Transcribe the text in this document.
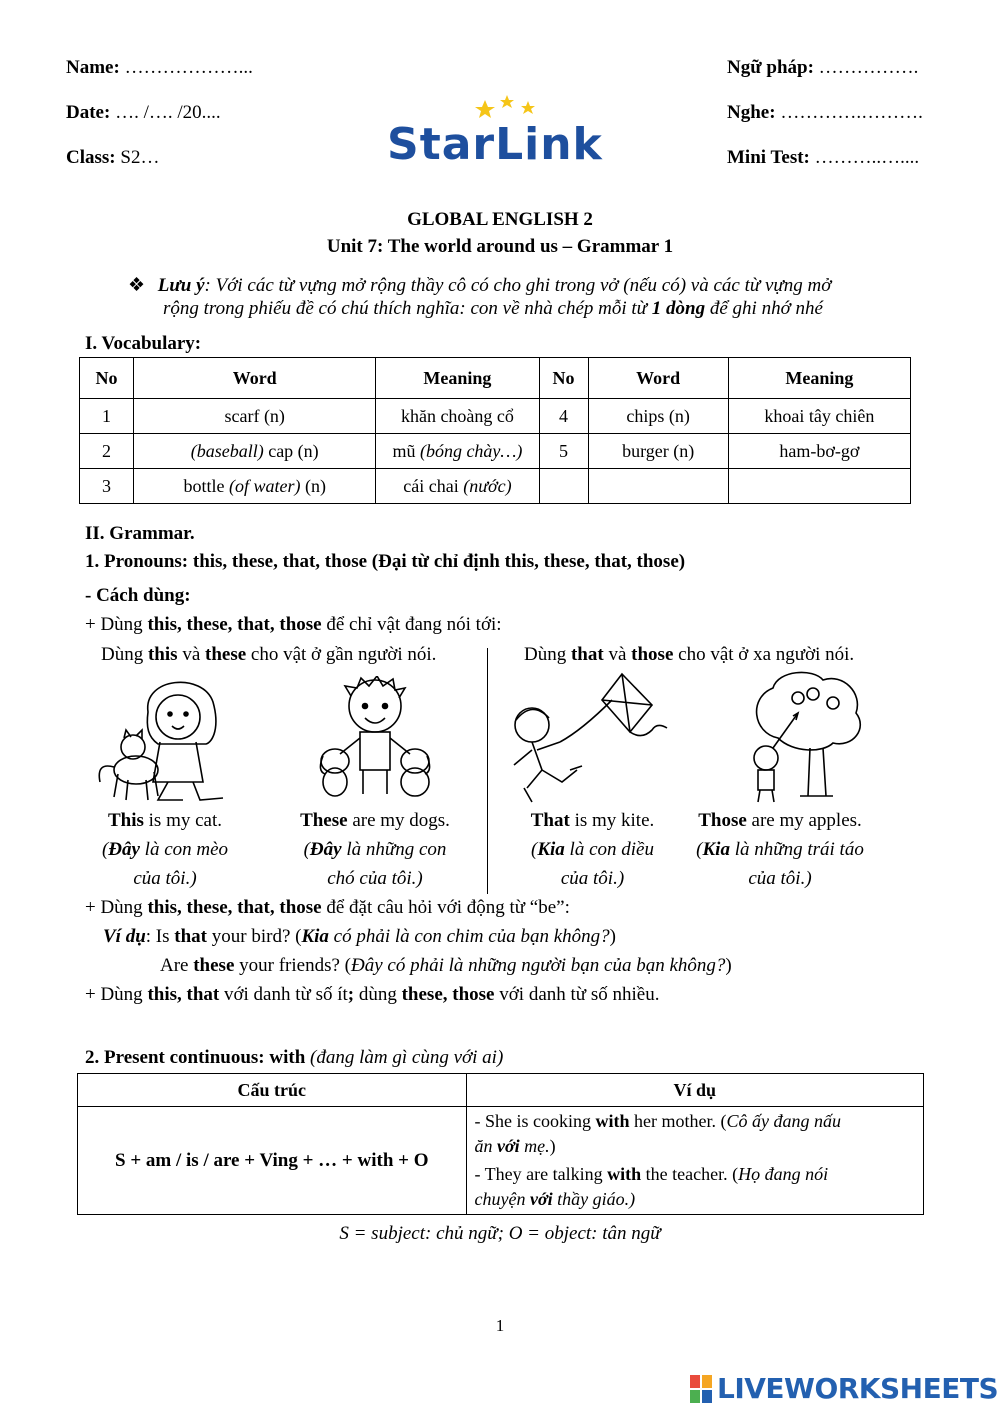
Name: ………………...
Date: …. /…. /20....
Class: S2…
Ngữ pháp: …………….
Nghe: ………….……….
Mini Test: ………..…....
StarLink
GLOBAL ENGLISH 2
Unit 7: The world around us – Grammar 1
❖ Lưu ý: Với các từ vựng mở rộng thầy cô có cho ghi trong vở (nếu có) và các từ vựng mở
rộng trong phiếu đề có chú thích nghĩa: con về nhà chép mỗi từ 1 dòng để ghi nhớ nhé
I. Vocabulary:
No	Word	Meaning	No	Word	Meaning
1	scarf (n)	khăn choàng cổ	4	chips (n)	khoai tây chiên
2	(baseball) cap (n)	mũ (bóng chày…)	5	burger (n)	ham-bơ-gơ
3	bottle (of water) (n)	cái chai (nước)			
II. Grammar.
1. Pronouns: this, these, that, those (Đại từ chỉ định this, these, that, those)
- Cách dùng:
+ Dùng this, these, that, those để chỉ vật đang nói tới:
Dùng this và these cho vật ở gần người nói.	Dùng that và those cho vật ở xa người nói.
This is my cat.
(Đây là con mèo
của tôi.)
These are my dogs.
(Đây là những con
chó của tôi.)
That is my kite.
(Kia là con diều
của tôi.)
Those are my apples.
(Kia là những trái táo
của tôi.)
+ Dùng this, these, that, those để đặt câu hỏi với động từ “be”:
Ví dụ: Is that your bird? (Kia có phải là con chim của bạn không?)
Are these your friends? (Đây có phải là những người bạn của bạn không?)
+ Dùng this, that với danh từ số ít; dùng these, those với danh từ số nhiều.
2. Present continuous: with (đang làm gì cùng với ai)
Cấu trúc	Ví dụ
S + am / is / are + Ving + … + with + O	- She is cooking with her mother. (Cô ấy đang nấu
ăn với mẹ.)
- They are talking with the teacher. (Họ đang nói
chuyện với thầy giáo.)
S = subject: chủ ngữ; O = object: tân ngữ
1
LIVEWORKSHEETS
